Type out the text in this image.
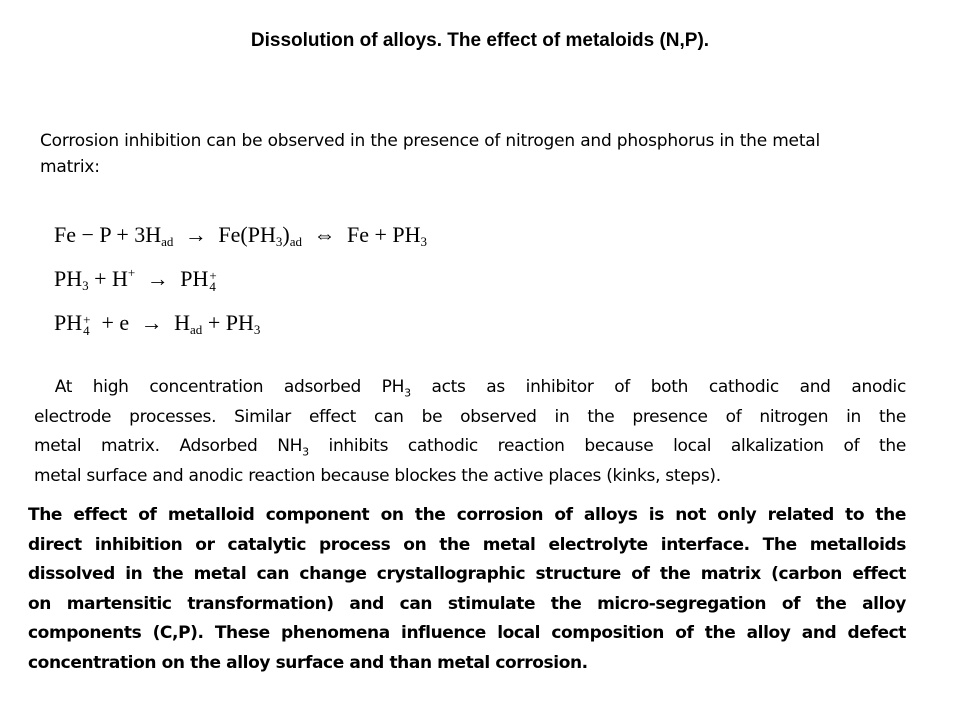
Dissolution of alloys. The effect of metaloids (N,P).
Corrosion inhibition can be observed in the presence of nitrogen and phosphorus in the metal matrix:
$Fe - P + 3H_{ad} \to Fe(PH_3)_{ad}$ ⇔ $Fe + PH_3$
$PH_3 + H^+$ → PH +
4
PH +
$4 + e \to H_{ad} + PH_3$
At high concentration adsorbed $PH_3$ acts as inhibitor of both cathodic and anodic
electrode processes. Similar effect can be observed in the presence of nitrogen in the
metal matrix. Adsorbed $NH_3$ inhibits cathodic reaction because local alkalization of the
metal surface and anodic reaction because blockes the active places (kinks, steps).
The effect of metalloid component on the corrosion of alloys is not only related to the
direct inhibition or catalytic process on the metal electrolyte interface. The metalloids
dissolved in the metal can change crystallographic structure of the matrix (carbon effect
on martensitic transformation) and can stimulate the micro-segregation of the alloy
components (C,P). These phenomena influence local composition of the alloy and defect
concentration on the alloy surface and than metal corrosion.
